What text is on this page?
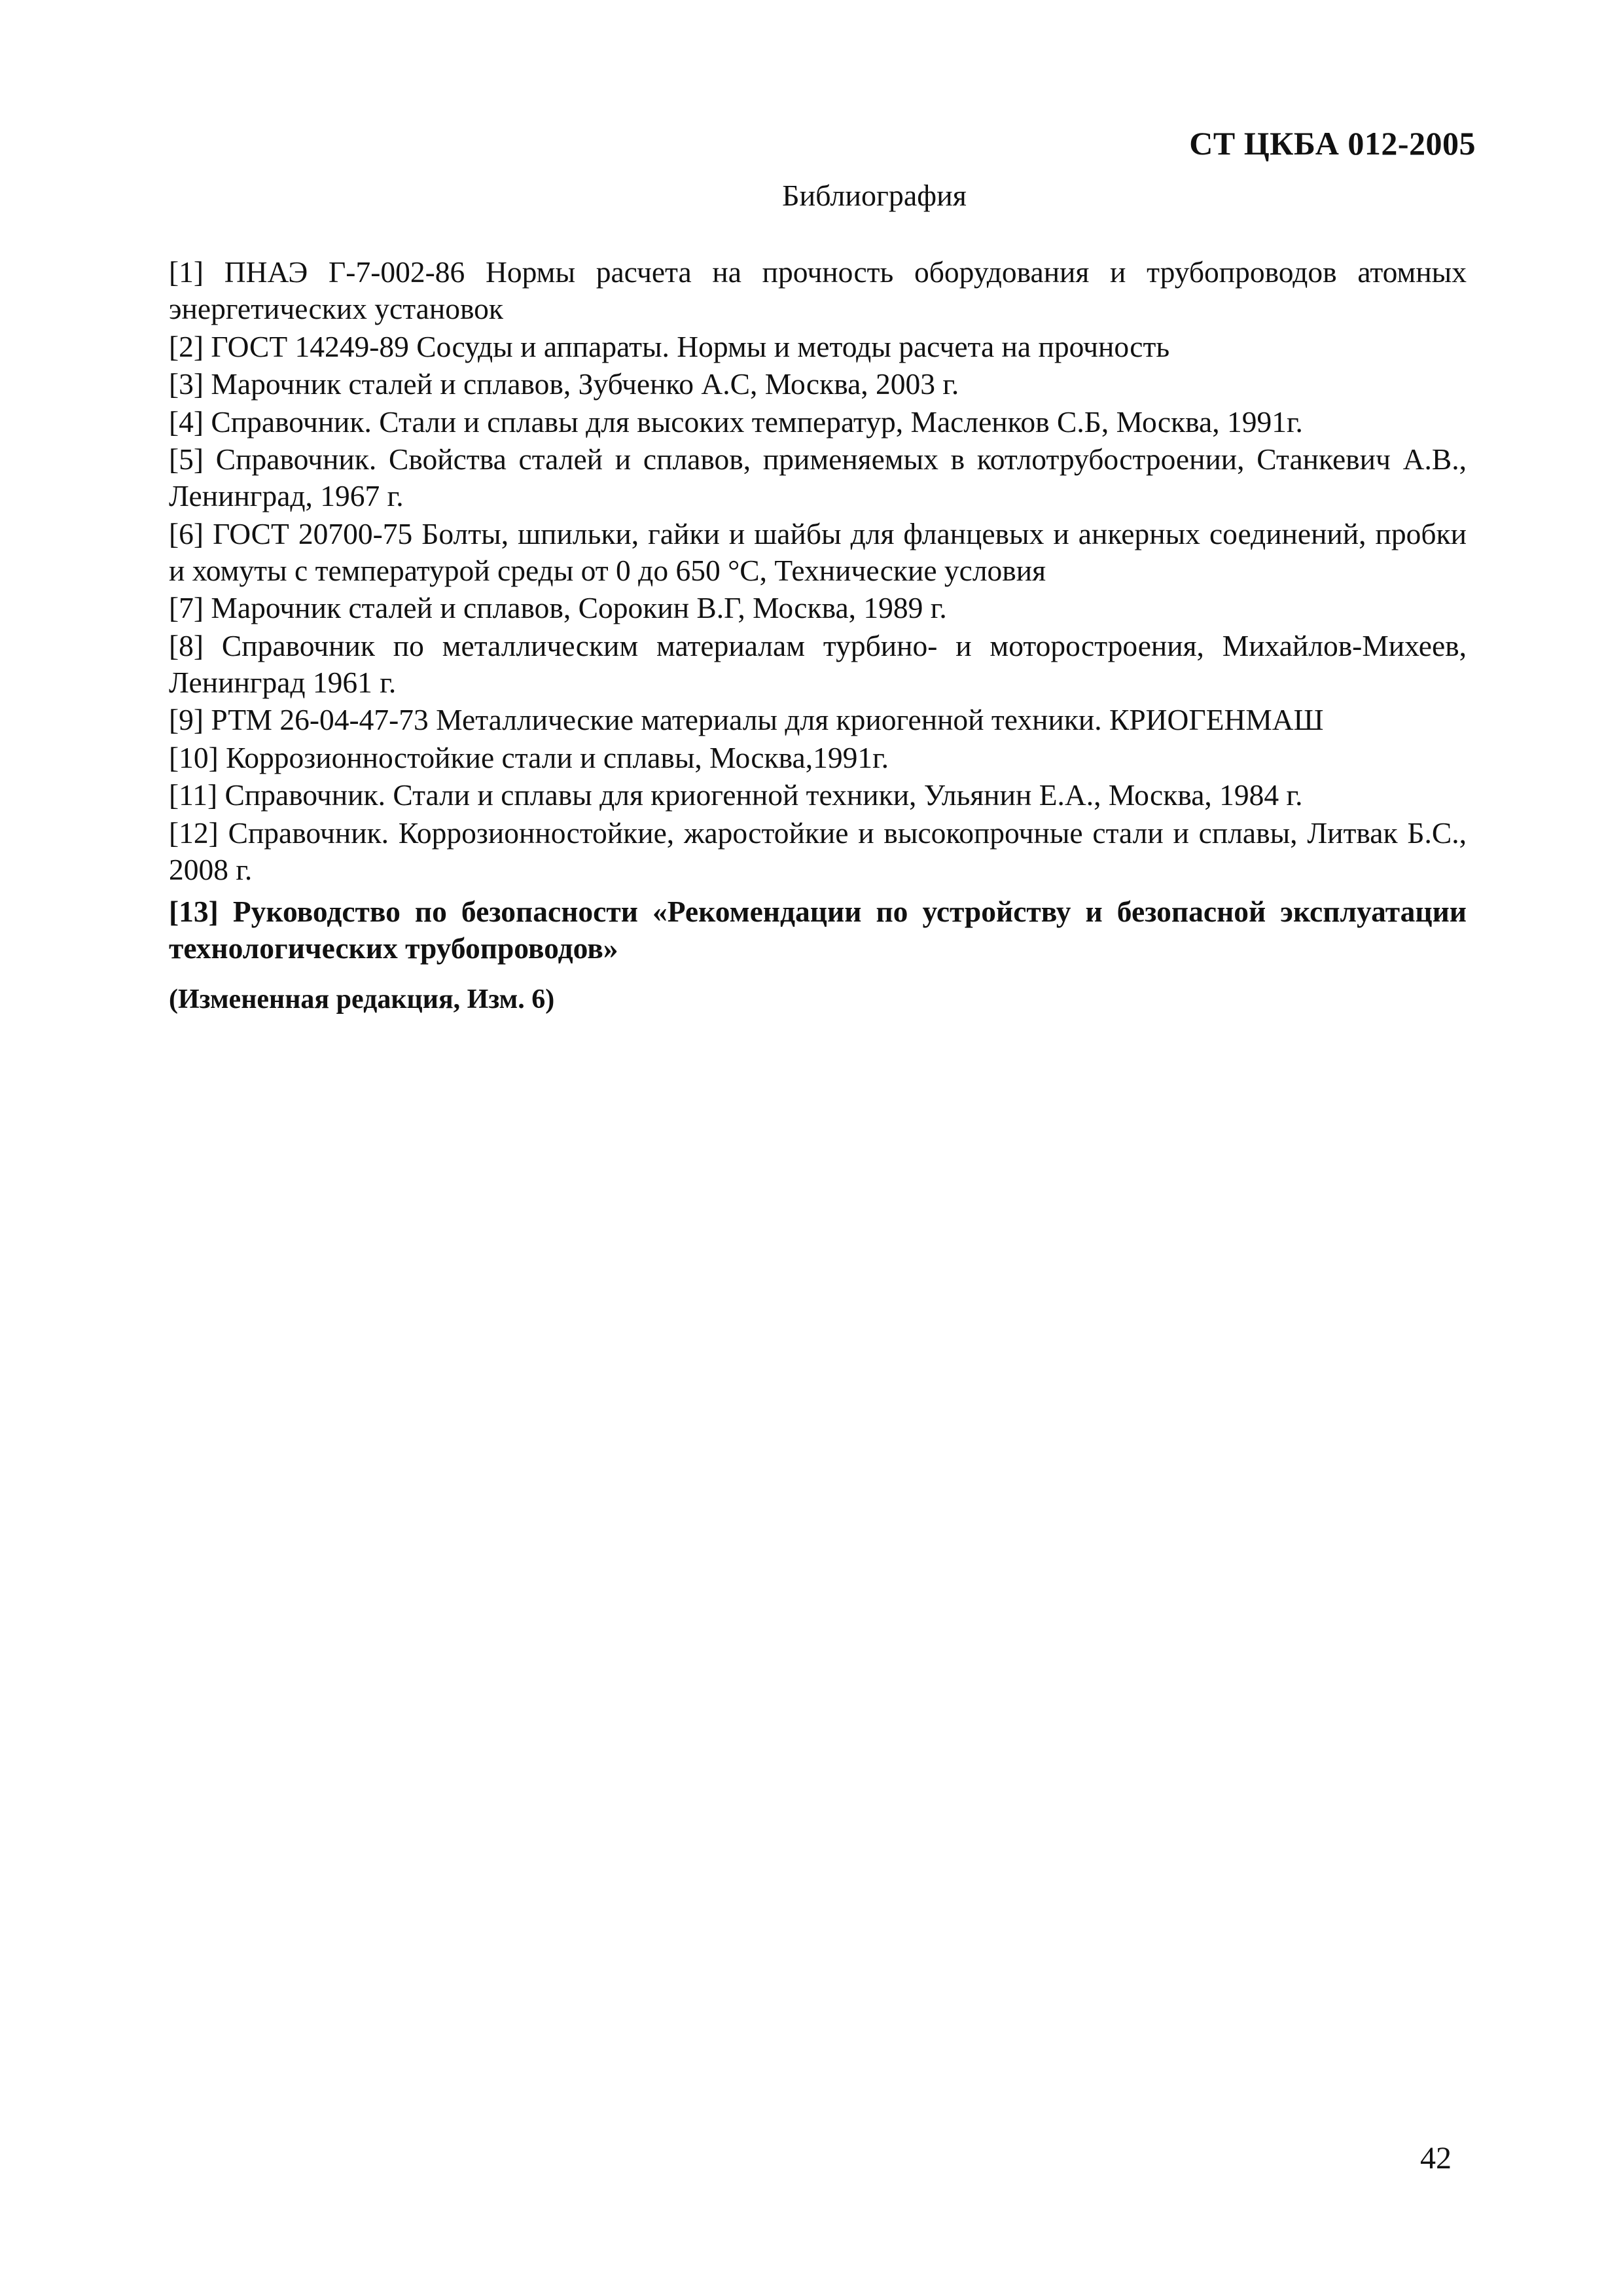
СТ ЦКБА 012-2005
Библиография
[1] ПНАЭ Г-7-002-86 Нормы расчета на прочность оборудования и трубопроводов атомных энергетических установок
[2] ГОСТ 14249-89 Сосуды и аппараты. Нормы и методы расчета на прочность
[3] Марочник сталей и сплавов, Зубченко А.С, Москва, 2003 г.
[4] Справочник. Стали и сплавы для высоких температур, Масленков С.Б, Москва, 1991г.
[5] Справочник. Свойства сталей и сплавов, применяемых в котлотрубостроении, Станкевич А.В., Ленинград, 1967 г.
[6] ГОСТ 20700-75 Болты, шпильки, гайки и шайбы для фланцевых и анкерных соединений, пробки и хомуты с температурой среды от 0 до 650 °С, Технические условия
[7] Марочник сталей и сплавов, Сорокин В.Г, Москва, 1989 г.
[8] Справочник по металлическим материалам турбино- и моторостроения, Михайлов-Михеев, Ленинград 1961 г.
[9] РТМ 26-04-47-73 Металлические материалы для криогенной техники. КРИОГЕНМАШ
[10] Коррозионностойкие стали и сплавы, Москва,1991г.
[11] Справочник. Стали и сплавы для криогенной техники, Ульянин Е.А., Москва, 1984 г.
[12] Справочник. Коррозионностойкие, жаростойкие и высокопрочные стали и сплавы, Литвак Б.С., 2008 г.
[13] Руководство по безопасности «Рекомендации по устройству и безопасной эксплуатации технологических трубопроводов»
(Измененная редакция, Изм. 6)
42
